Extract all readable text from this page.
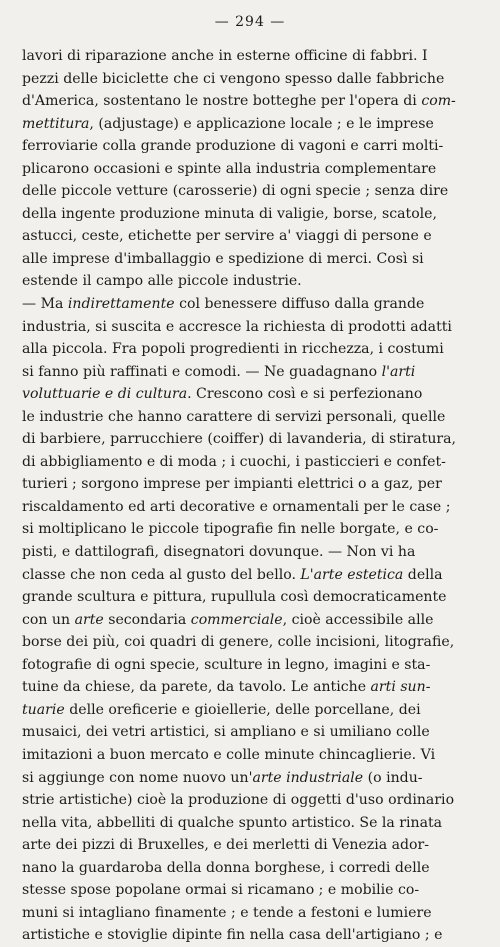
— 294 —
lavori di riparazione anche in esterne officine di fabbri. I
pezzi delle biciclette che ci vengono spesso dalle fabbriche
d'America, sostentano le nostre botteghe per l'opera di com-
mettitura, (adjustage) e applicazione locale ; e le imprese
ferroviarie colla grande produzione di vagoni e carri molti-
plicarono occasioni e spinte alla industria complementare
delle piccole vetture (carosserie) di ogni specie ; senza dire
della ingente produzione minuta di valigie, borse, scatole,
astucci, ceste, etichette per servire a' viaggi di persone e
alle imprese d'imballaggio e spedizione di merci. Così si
estende il campo alle piccole industrie.
— Ma indirettamente col benessere diffuso dalla grande
industria, si suscita e accresce la richiesta di prodotti adatti
alla piccola. Fra popoli progredienti in ricchezza, i costumi
si fanno più raffinati e comodi. — Ne guadagnano l'arti
voluttuarie e di cultura. Crescono così e si perfezionano
le industrie che hanno carattere di servizi personali, quelle
di barbiere, parrucchiere (coiffer) di lavanderia, di stiratura,
di abbigliamento e di moda ; i cuochi, i pasticcieri e confet-
turieri ; sorgono imprese per impianti elettrici o a gaz, per
riscaldamento ed arti decorative e ornamentali per le case ;
si moltiplicano le piccole tipografie fin nelle borgate, e co-
pisti, e dattilografi, disegnatori dovunque. — Non vi ha
classe che non ceda al gusto del bello. L'arte estetica della
grande scultura e pittura, rupullula così democraticamente
con un arte secondaria commerciale, cioè accessibile alle
borse dei più, coi quadri di genere, colle incisioni, litografie,
fotografie di ogni specie, sculture in legno, imagini e sta-
tuine da chiese, da parete, da tavolo. Le antiche arti sun-
tuarie delle oreficerie e gioiellerie, delle porcellane, dei
musaici, dei vetri artistici, si ampliano e si umiliano colle
imitazioni a buon mercato e colle minute chincaglierie. Vi
si aggiunge con nome nuovo un'arte industriale (o indu-
strie artistiche) cioè la produzione di oggetti d'uso ordinario
nella vita, abbelliti di qualche spunto artistico. Se la rinata
arte dei pizzi di Bruxelles, e dei merletti di Venezia ador-
nano la guardaroba della donna borghese, i corredi delle
stesse spose popolane ormai si ricamano ; e mobilie co-
muni si intagliano finamente ; e tende a festoni e lumiere
artistiche e stoviglie dipinte fin nella casa dell'artigiano ; e
